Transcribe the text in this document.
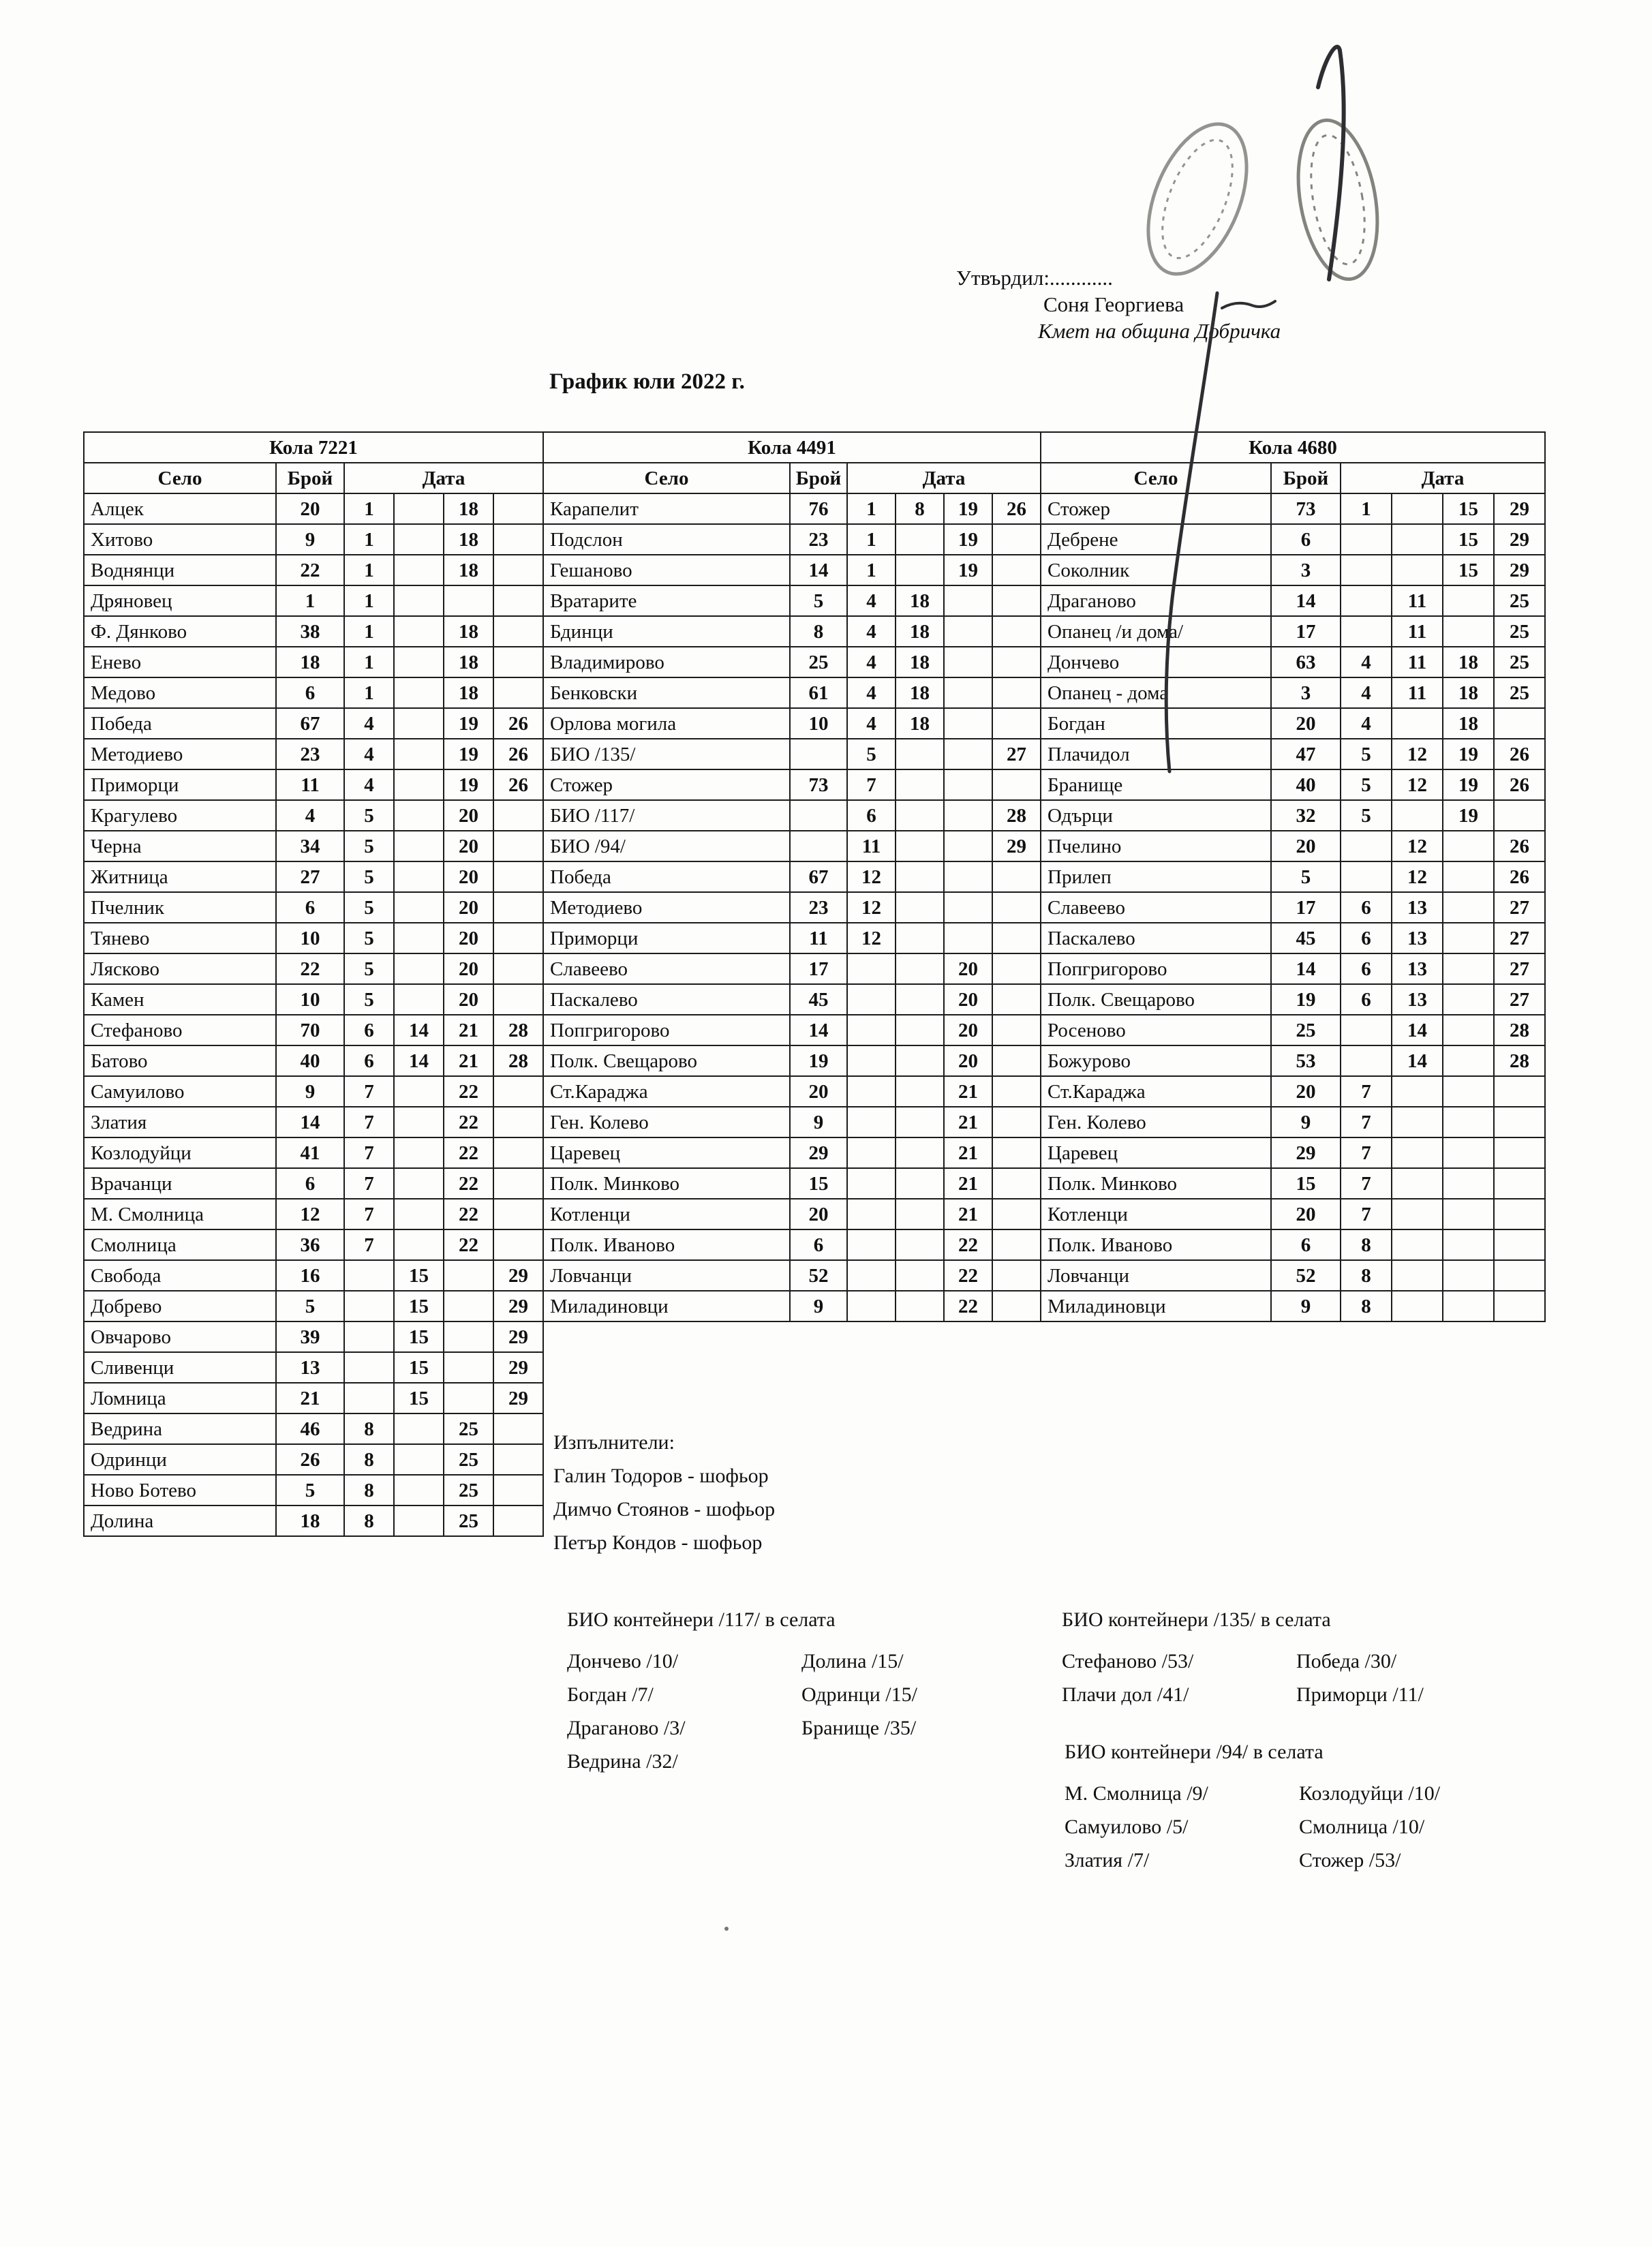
Утвърдил:............
Соня Георгиева
Кмет на община Добричка
График юли 2022 г.
Кола 7221					
Село	Брой	Дата			
Алцек	20	1		18	
Хитово	9	1		18	
Воднянци	22	1		18	
Дряновец	1	1			
Ф. Дянково	38	1		18	
Енево	18	1		18	
Медово	6	1		18	
Победа	67	4		19	26
Методиево	23	4		19	26
Приморци	11	4		19	26
Крагулево	4	5		20	
Черна	34	5		20	
Житница	27	5		20	
Пчелник	6	5		20	
Тянево	10	5		20	
Лясково	22	5		20	
Камен	10	5		20	
Стефаново	70	6	14	21	28
Батово	40	6	14	21	28
Самуилово	9	7		22	
Златия	14	7		22	
Козлодуйци	41	7		22	
Врачанци	6	7		22	
М. Смолница	12	7		22	
Смолница	36	7		22	
Свобода	16		15		29
Добрево	5		15		29
Овчарово	39		15		29
Сливенци	13		15		29
Ломница	21		15		29
Ведрина	46	8		25	
Одринци	26	8		25	
Ново Ботево	5	8		25	
Долина	18	8		25	
Кола 4491					
Село	Брой	Дата			
Карапелит	76	1	8	19	26
Подслон	23	1		19	
Гешаново	14	1		19	
Вратарите	5	4	18		
Бдинци	8	4	18		
Владимирово	25	4	18		
Бенковски	61	4	18		
Орлова могила	10	4	18		
БИО /135/		5			27
Стожер	73	7			
БИО /117/		6			28
БИО /94/		11			29
Победа	67	12			
Методиево	23	12			
Приморци	11	12			
Славеево	17			20	
Паскалево	45			20	
Попгригорово	14			20	
Полк. Свещарово	19			20	
Ст.Караджа	20			21	
Ген. Колево	9			21	
Царевец	29			21	
Полк. Минково	15			21	
Котленци	20			21	
Полк. Иваново	6			22	
Ловчанци	52			22	
Миладиновци	9			22	
Кола 4680					
Село	Брой	Дата			
Стожер	73	1		15	29
Дебрене	6			15	29
Соколник	3			15	29
Драганово	14		11		25
Опанец /и дома/	17		11		25
Дончево	63	4	11	18	25
Опанец - дома	3	4	11	18	25
Богдан	20	4		18	
Плачидол	47	5	12	19	26
Бранище	40	5	12	19	26
Одърци	32	5		19	
Пчелино	20		12		26
Прилеп	5		12		26
Славеево	17	6	13		27
Паскалево	45	6	13		27
Попгригорово	14	6	13		27
Полк. Свещарово	19	6	13		27
Росеново	25		14		28
Божурово	53		14		28
Ст.Караджа	20	7			
Ген. Колево	9	7			
Царевец	29	7			
Полк. Минково	15	7			
Котленци	20	7			
Полк. Иваново	6	8			
Ловчанци	52	8			
Миладиновци	9	8			
Изпълнители:
Галин Тодоров - шофьор
Димчо Стоянов - шофьор
Петър Кондов - шофьор
БИО контейнери /117/ в селата
Дончево /10/	Долина /15/
Богдан /7/	Одринци /15/
Драганово /3/	Бранище /35/
Ведрина /32/
БИО контейнери /135/ в селата
Стефаново /53/	Победа /30/
Плачи дол /41/	Приморци /11/
БИО контейнери /94/ в селата
М. Смолница /9/	Козлодуйци /10/
Самуилово /5/	Смолница /10/
Златия /7/	Стожер /53/
